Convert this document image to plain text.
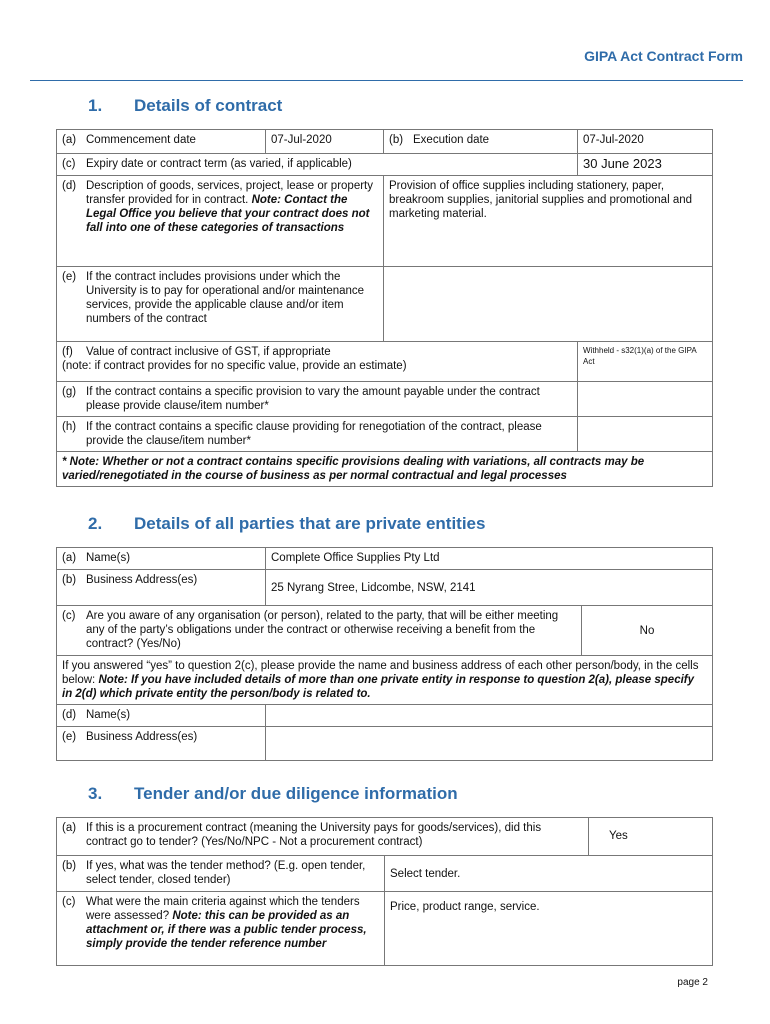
GIPA Act Contract Form
1. Details of contract
(a) Commencement date	07-Jul-2020	(b) Execution date	07-Jul-2020

(c) Expiry date or contract term (as varied, if applicable)			30 June 2023

(d) Description of goods, services, project, lease or property transfer provided for in contract. Note: Contact the Legal Office you believe that your contract does not fall into one of these categories of transactions		Provision of office supplies including stationery, paper, breakroom supplies, janitorial supplies and promotional and marketing material.	

(e) If the contract includes provisions under which the University is to pay for operational and/or maintenance services, provide the applicable clause and/or item numbers of the contract			

(f) Value of contract inclusive of GST, if appropriate
(note: if contract provides for no specific value, provide an estimate)			Withheld - s32(1)(a) of the GIPA Act

(g) If the contract contains a specific provision to vary the amount payable under the contract please provide clause/item number*			

(h) If the contract contains a specific clause providing for renegotiation of the contract, please provide the clause/item number*			

* Note: Whether or not a contract contains specific provisions dealing with variations, all contracts may be varied/renegotiated in the course of business as per normal contractual and legal processes			
2. Details of all parties that are private entities
(a) Name(s)	Complete Office Supplies Pty Ltd	

(b) Business Address(es)	25 Nyrang Stree, Lidcombe, NSW, 2141	

(c) Are you aware of any organisation (or person), related to the party, that will be either meeting any of the party’s obligations under the contract or otherwise receiving a benefit from the contract? (Yes/No)		No
If you answered “yes” to question 2(c), please provide the name and business address of each other person/body, in the cells below: Note: If you have included details of more than one private entity in response to question 2(a), please specify in 2(d) which private entity the person/body is related to.		

(d) Name(s)		

(e) Business Address(es)		

3. Tender and/or due diligence information
(a) If this is a procurement contract (meaning the University pays for goods/services), did this contract go to tender? (Yes/No/NPC - Not a procurement contract)		Yes

(b) If yes, what was the tender method? (E.g. open tender, select tender, closed tender)	Select tender.	

(c) What were the main criteria against which the tenders were assessed? Note: this can be provided as an attachment or, if there was a public tender process, simply provide the tender reference number	Price, product range, service.	
page 2
